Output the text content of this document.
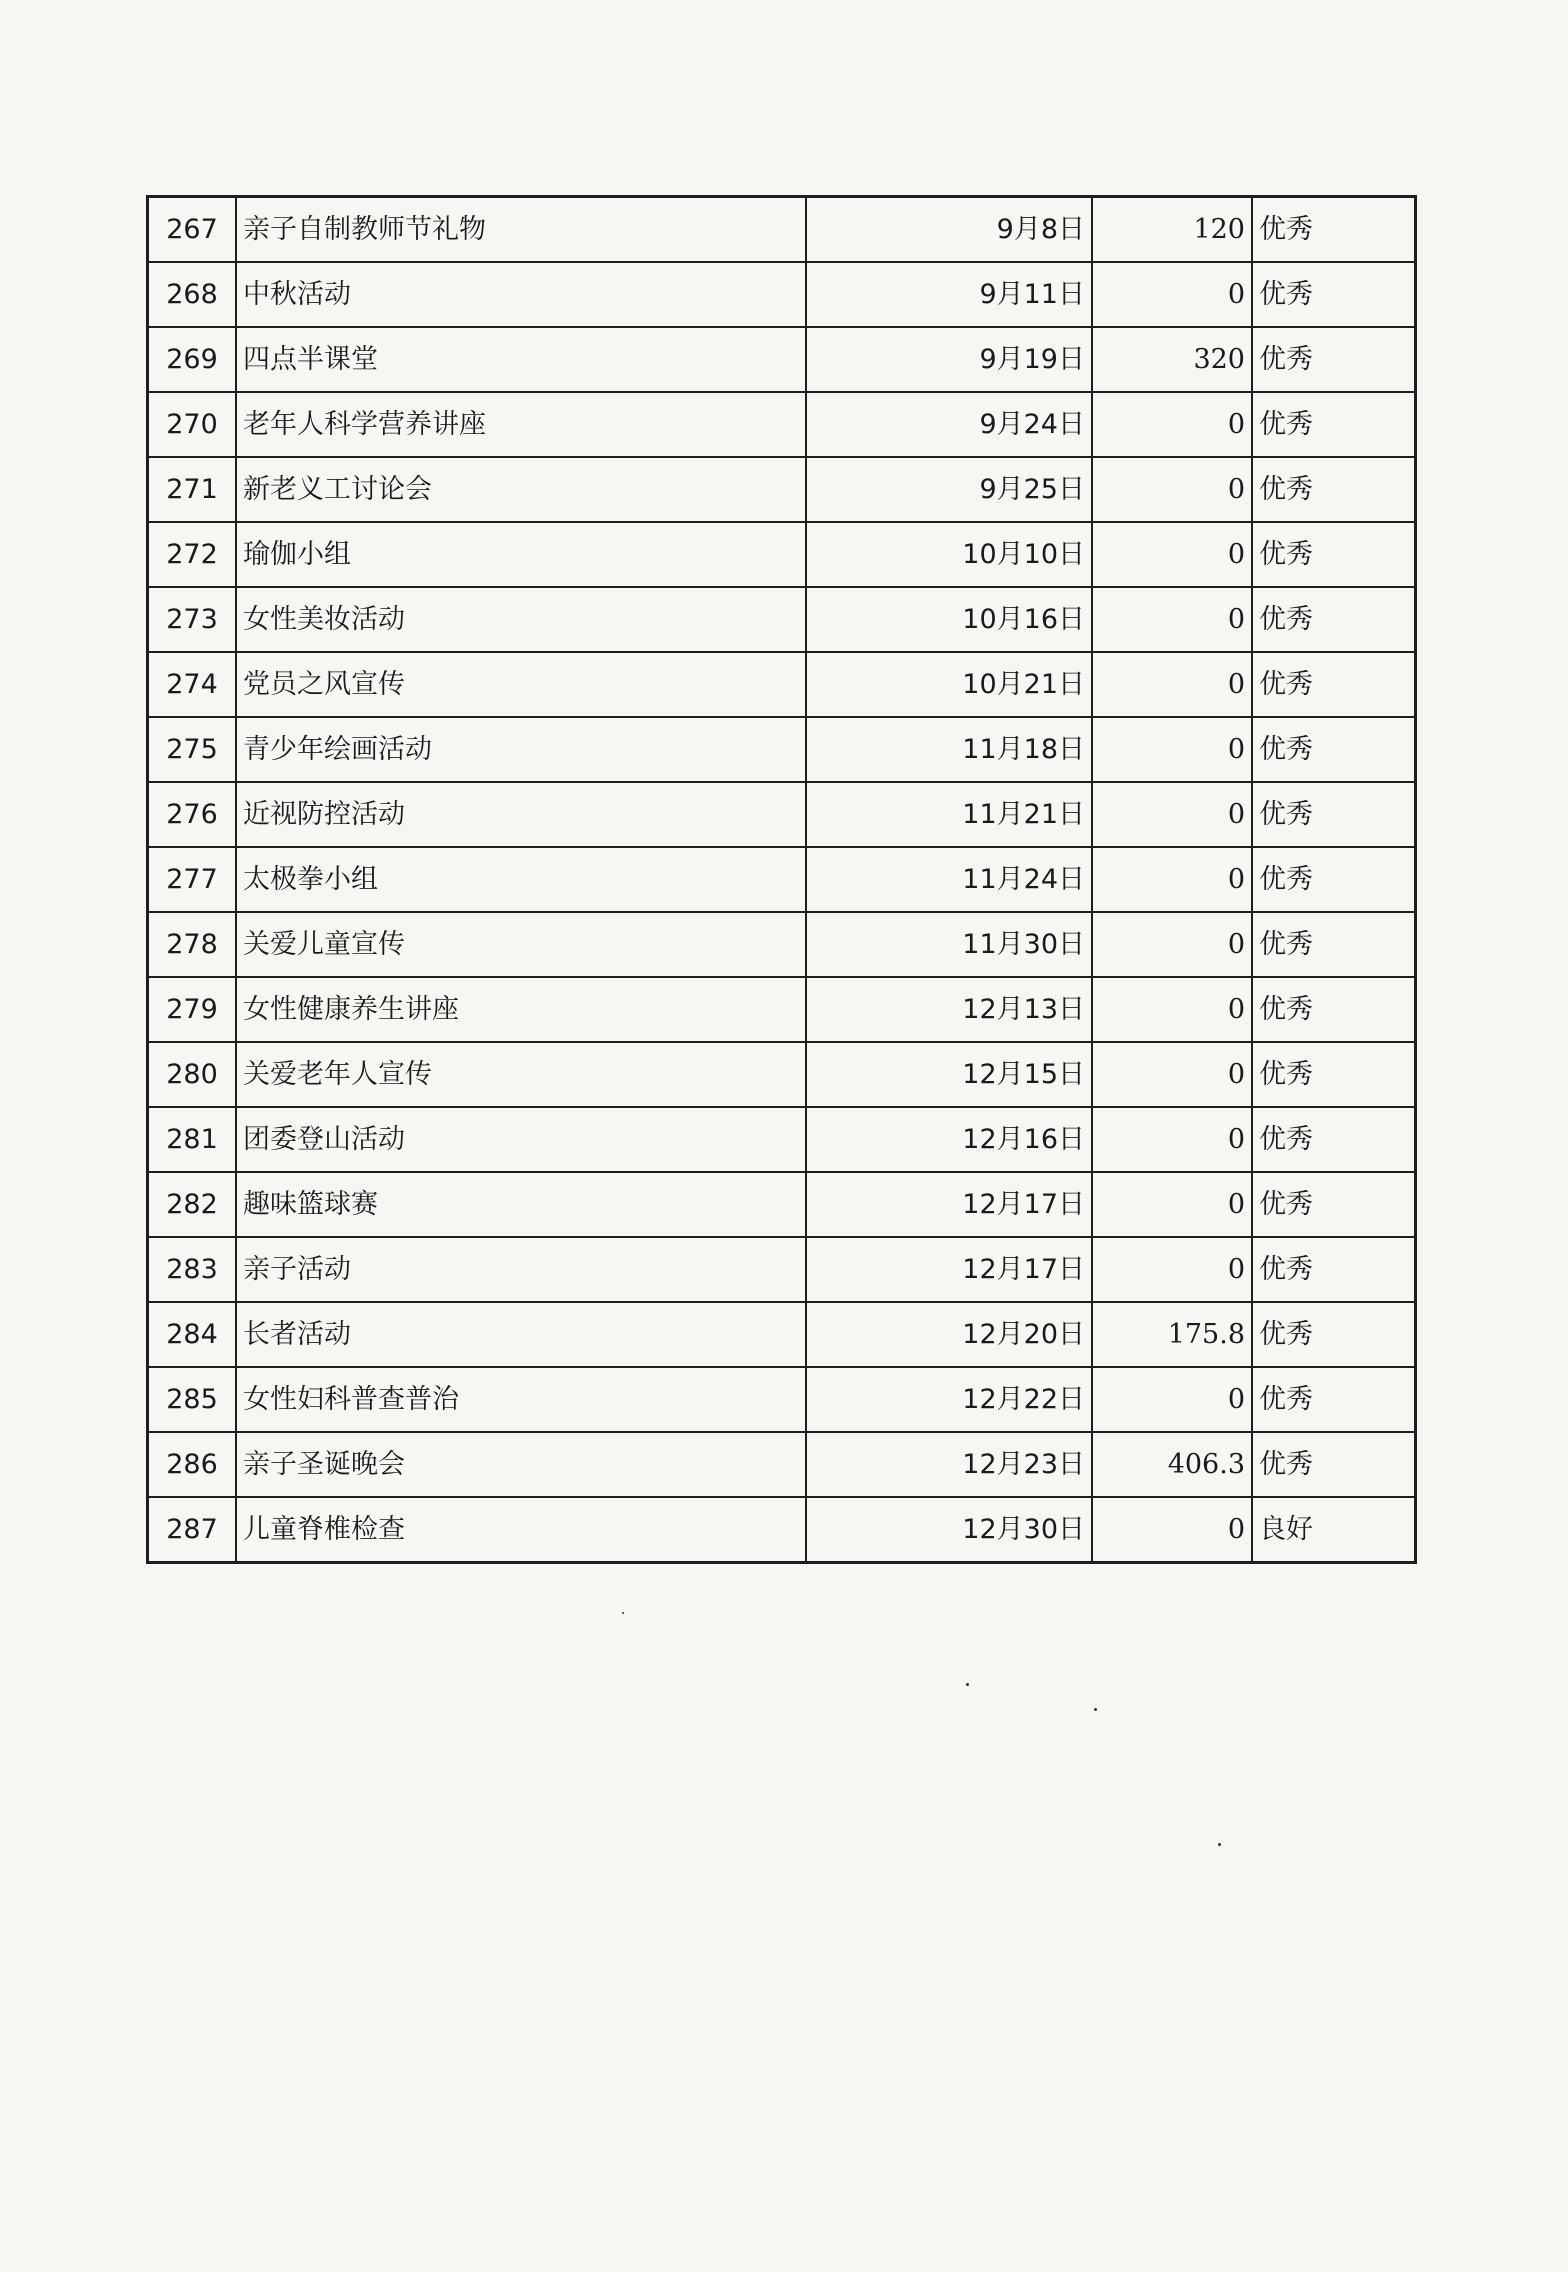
267	亲子自制教师节礼物	9月8日	120	优秀
268	中秋活动	9月11日	0	优秀
269	四点半课堂	9月19日	320	优秀
270	老年人科学营养讲座	9月24日	0	优秀
271	新老义工讨论会	9月25日	0	优秀
272	瑜伽小组	10月10日	0	优秀
273	女性美妆活动	10月16日	0	优秀
274	党员之风宣传	10月21日	0	优秀
275	青少年绘画活动	11月18日	0	优秀
276	近视防控活动	11月21日	0	优秀
277	太极拳小组	11月24日	0	优秀
278	关爱儿童宣传	11月30日	0	优秀
279	女性健康养生讲座	12月13日	0	优秀
280	关爱老年人宣传	12月15日	0	优秀
281	团委登山活动	12月16日	0	优秀
282	趣味篮球赛	12月17日	0	优秀
283	亲子活动	12月17日	0	优秀
284	长者活动	12月20日	175.8	优秀
285	女性妇科普查普治	12月22日	0	优秀
286	亲子圣诞晚会	12月23日	406.3	优秀
287	儿童脊椎检查	12月30日	0	良好
